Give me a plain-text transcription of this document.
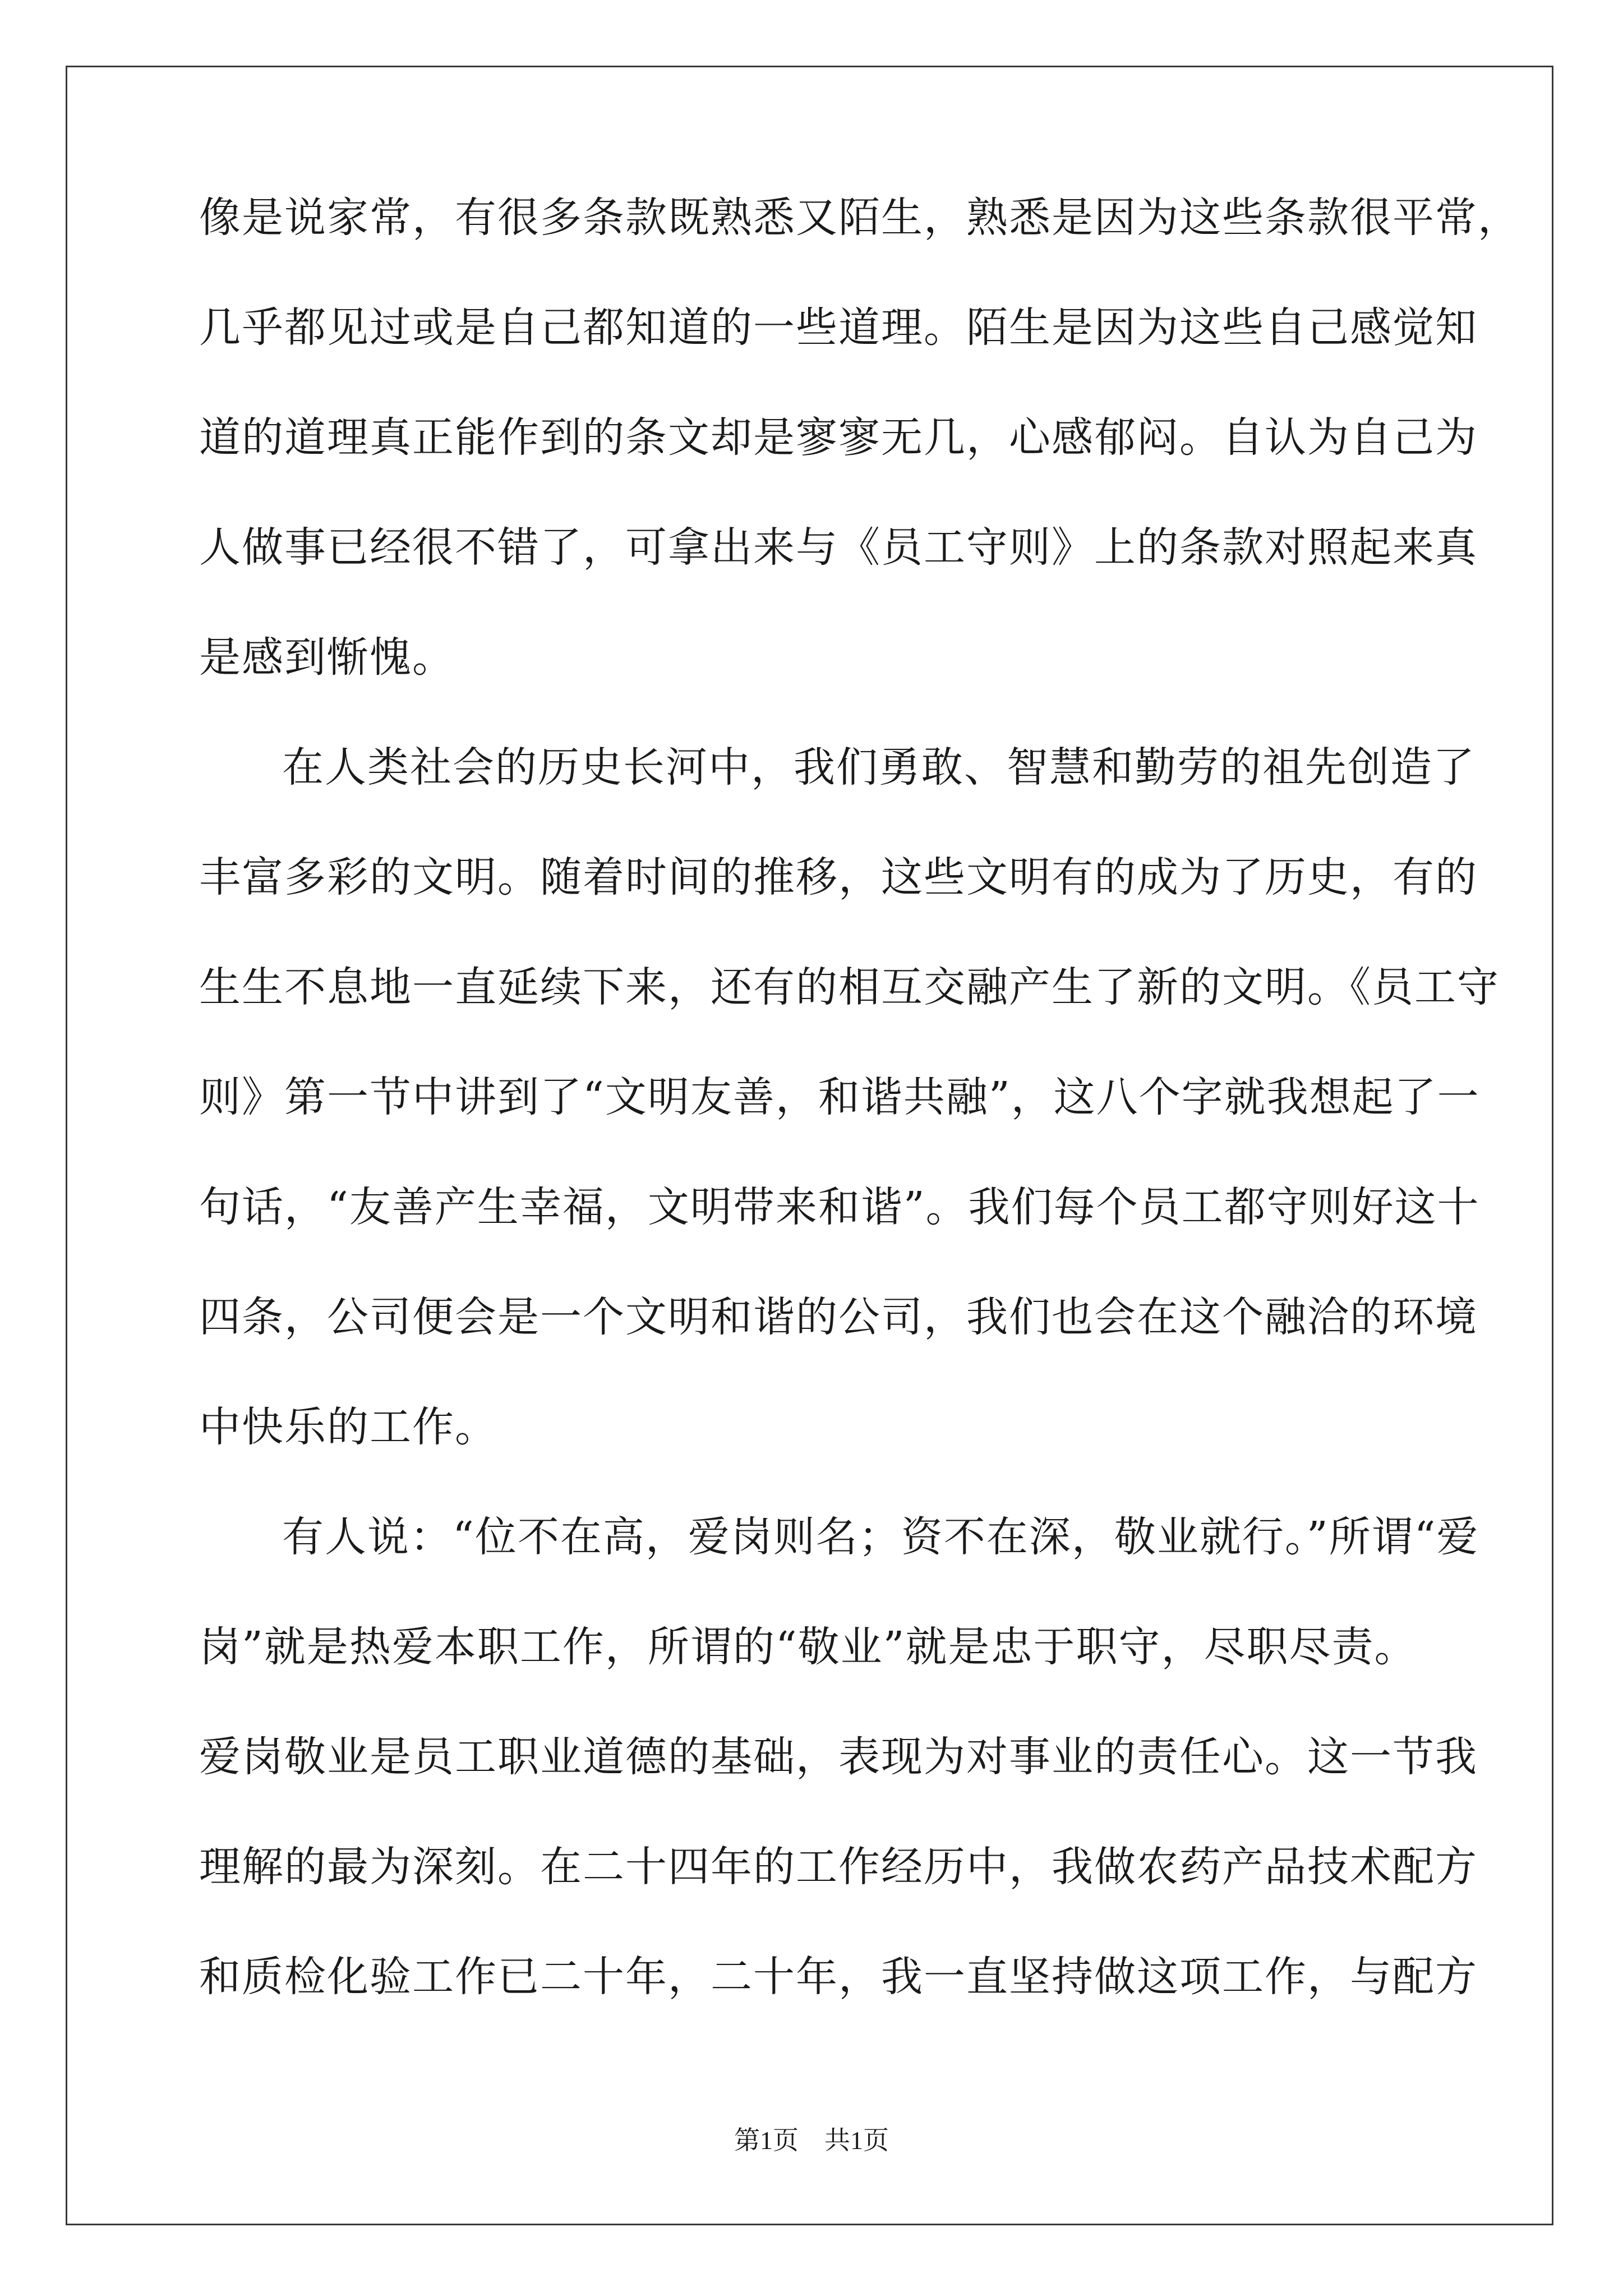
像是说家常，有很多条款既熟悉又陌生，熟悉是因为这些条款很平常，
几乎都见过或是自己都知道的一些道理。陌生是因为这些自己感觉知
道的道理真正能作到的条文却是寥寥无几，心感郁闷。自认为自己为
人做事已经很不错了，可拿出来与《员工守则》上的条款对照起来真
是感到惭愧。
在人类社会的历史长河中，我们勇敢、智慧和勤劳的祖先创造了
丰富多彩的文明。随着时间的推移，这些文明有的成为了历史，有的
生生不息地一直延续下来，还有的相互交融产生了新的文明。《员工守
则》第一节中讲到了“文明友善，和谐共融”，这八个字就我想起了一
句话，“友善产生幸福，文明带来和谐”。我们每个员工都守则好这十
四条，公司便会是一个文明和谐的公司，我们也会在这个融洽的环境
中快乐的工作。
有人说：“位不在高，爱岗则名；资不在深，敬业就行。”所谓“爱
岗”就是热爱本职工作，所谓的“敬业”就是忠于职守，尽职尽责。
爱岗敬业是员工职业道德的基础，表现为对事业的责任心。这一节我
理解的最为深刻。在二十四年的工作经历中，我做农药产品技术配方
和质检化验工作已二十年，二十年，我一直坚持做这项工作，与配方
第1页　共1页
